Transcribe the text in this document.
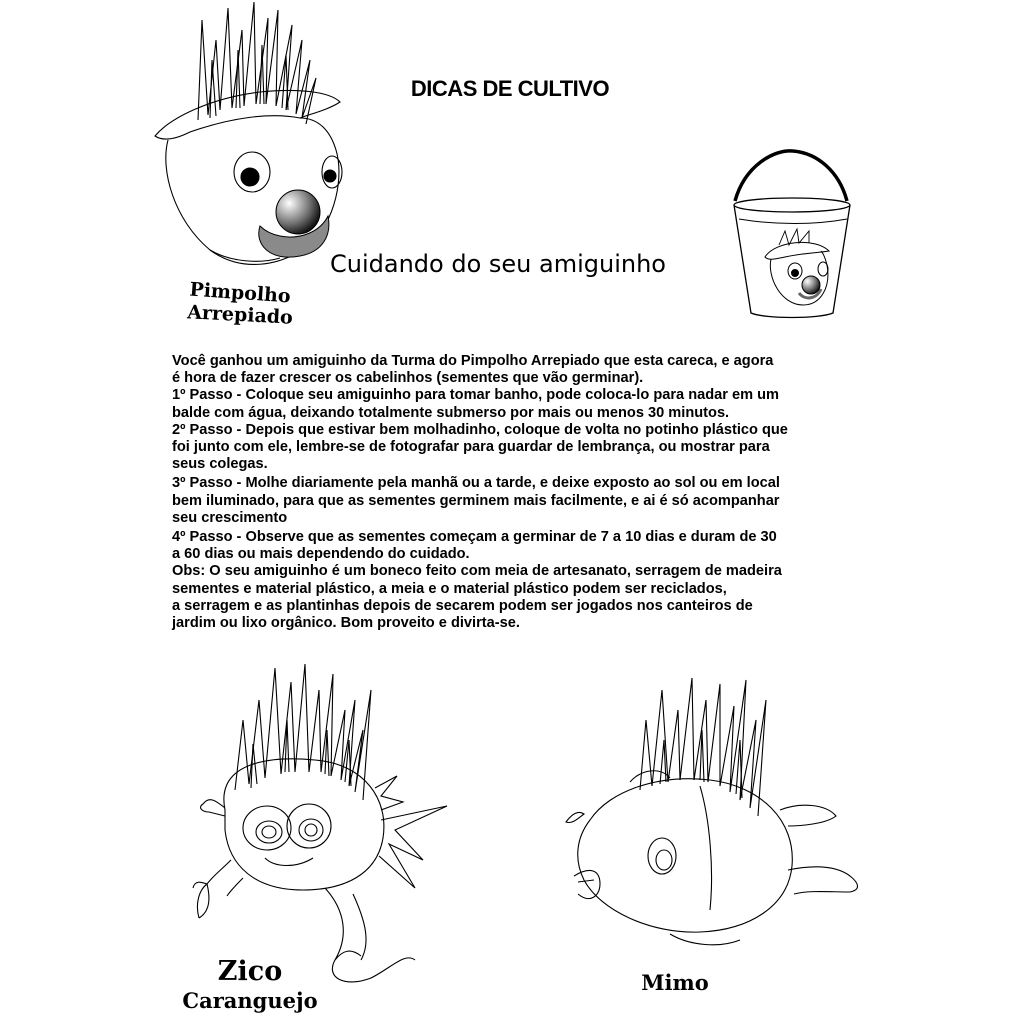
DICAS DE CULTIVO
Cuidando do seu amiguinho
Pimpolho
Arrepiado
Você ganhou um amiguinho da Turma do Pimpolho Arrepiado que esta careca, e agora
é hora de fazer crescer os cabelinhos (sementes que vão germinar).
1º Passo - Coloque seu amiguinho para tomar banho, pode coloca-lo para nadar em um
balde com água, deixando totalmente submerso por mais ou menos 30 minutos.
2º Passo - Depois que estivar bem molhadinho, coloque de volta no potinho plástico que
foi junto com ele, lembre-se de fotografar para guardar de lembrança, ou mostrar para
seus colegas.
3º Passo - Molhe diariamente pela manhã ou a tarde, e deixe exposto ao sol ou em local
bem iluminado, para que as sementes germinem mais facilmente, e ai é só acompanhar
seu crescimento
4º Passo - Observe que as sementes começam a germinar de 7 a 10 dias e duram de 30
a 60 dias ou mais dependendo do cuidado.
Obs: O seu amiguinho é um boneco feito com meia de artesanato, serragem de madeira
sementes e material plástico, a meia e o material plástico podem ser reciclados,
a serragem e as plantinhas depois de secarem podem ser jogados nos canteiros de
jardim ou lixo orgânico. Bom proveito e divirta-se.
Zico
Caranguejo
Mimo
